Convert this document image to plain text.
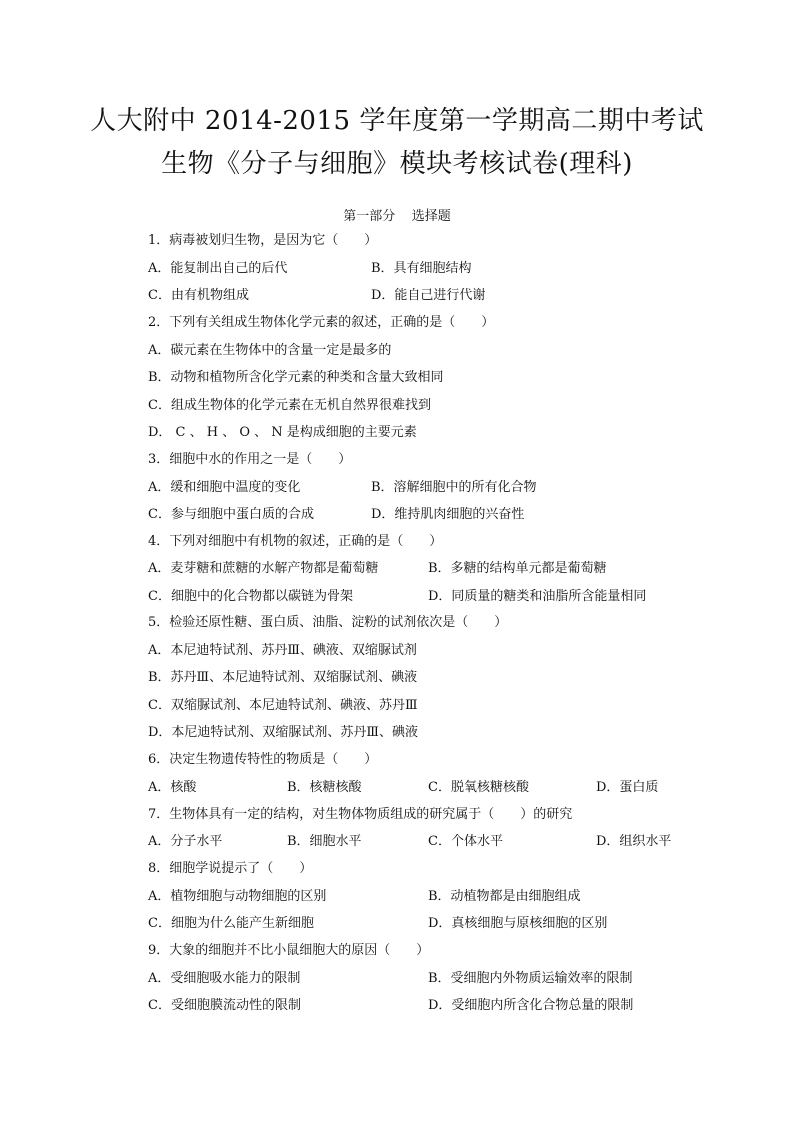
人大附中 2014-2015 学年度第一学期高二期中考试
生物《分子与细胞》模块考核试卷(理科)
第一部分    选择题
1．病毒被划归生物，是因为它（　　）
A．能复制出自己的后代	B．具有细胞结构
C．由有机物组成	D．能自己进行代谢
2．下列有关组成生物体化学元素的叙述，正确的是（　　）
A．碳元素在生物体中的含量一定是最多的
B．动物和植物所含化学元素的种类和含量大致相同
C．组成生物体的化学元素在无机自然界很难找到
D． C 、 H 、 O 、 N 是构成细胞的主要元素
3．细胞中水的作用之一是（　　）
A．缓和细胞中温度的变化	B．溶解细胞中的所有化合物
C．参与细胞中蛋白质的合成	D．维持肌肉细胞的兴奋性
4．下列对细胞中有机物的叙述，正确的是（　　）
A．麦芽糖和蔗糖的水解产物都是葡萄糖	B．多糖的结构单元都是葡萄糖
C．细胞中的化合物都以碳链为骨架	D．同质量的糖类和油脂所含能量相同
5．检验还原性糖、蛋白质、油脂、淀粉的试剂依次是（　　）
A．本尼迪特试剂、苏丹Ⅲ、碘液、双缩脲试剂
B．苏丹Ⅲ、本尼迪特试剂、双缩脲试剂、碘液
C．双缩脲试剂、本尼迪特试剂、碘液、苏丹Ⅲ
D．本尼迪特试剂、双缩脲试剂、苏丹Ⅲ、碘液
6．决定生物遗传特性的物质是（　　）
A．核酸	B．核糖核酸	C．脱氧核糖核酸	D．蛋白质
7．生物体具有一定的结构，对生物体物质组成的研究属于（　　）的研究
A．分子水平	B．细胞水平	C．个体水平	D．组织水平
8．细胞学说提示了（　　）
A．植物细胞与动物细胞的区别	B．动植物都是由细胞组成
C．细胞为什么能产生新细胞	D．真核细胞与原核细胞的区别
9．大象的细胞并不比小鼠细胞大的原因（　　）
A．受细胞吸水能力的限制	B．受细胞内外物质运输效率的限制
C．受细胞膜流动性的限制	D．受细胞内所含化合物总量的限制
